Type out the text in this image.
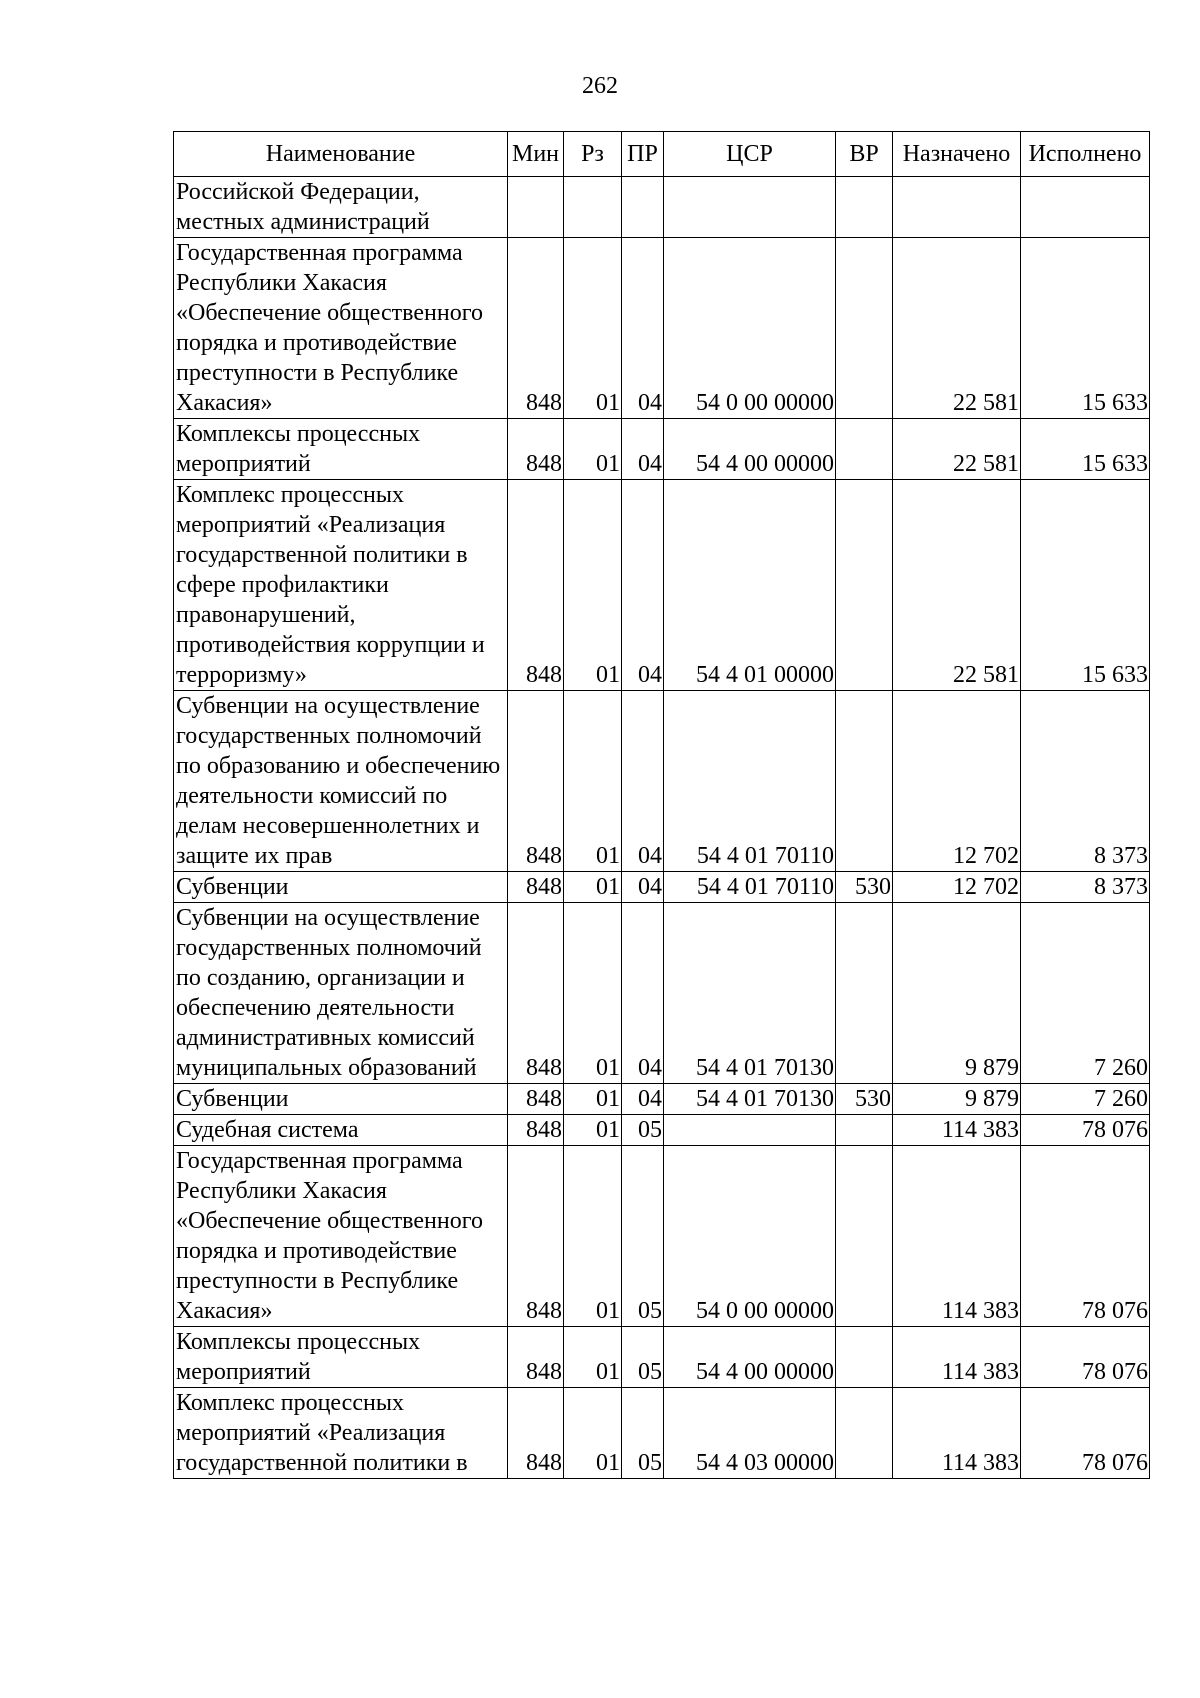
262
Наименование	Мин	Рз	ПР	ЦСР	ВР	Назначено	Исполнено
Российской Федерации, местных администраций							
Государственная программа Республики Хакасия «Обеспечение общественного порядка и противодействие преступности в Республике Хакасия»	848	01	04	54 0 00 00000		22 581	15 633
Комплексы процессных мероприятий	848	01	04	54 4 00 00000		22 581	15 633
Комплекс процессных мероприятий «Реализация государственной политики в сфере профилактики правонарушений, противодействия коррупции и терроризму»	848	01	04	54 4 01 00000		22 581	15 633
Субвенции на осуществление государственных полномочий по образованию и обеспечению деятельности комиссий по делам несовершеннолетних и защите их прав	848	01	04	54 4 01 70110		12 702	8 373
Субвенции	848	01	04	54 4 01 70110	530	12 702	8 373
Субвенции на осуществление государственных полномочий по созданию, организации и обеспечению деятельности административных комиссий муниципальных образований	848	01	04	54 4 01 70130		9 879	7 260
Субвенции	848	01	04	54 4 01 70130	530	9 879	7 260
Судебная система	848	01	05			114 383	78 076
Государственная программа Республики Хакасия «Обеспечение общественного порядка и противодействие преступности в Республике Хакасия»	848	01	05	54 0 00 00000		114 383	78 076
Комплексы процессных мероприятий	848	01	05	54 4 00 00000		114 383	78 076
Комплекс процессных мероприятий «Реализация государственной политики в	848	01	05	54 4 03 00000		114 383	78 076
